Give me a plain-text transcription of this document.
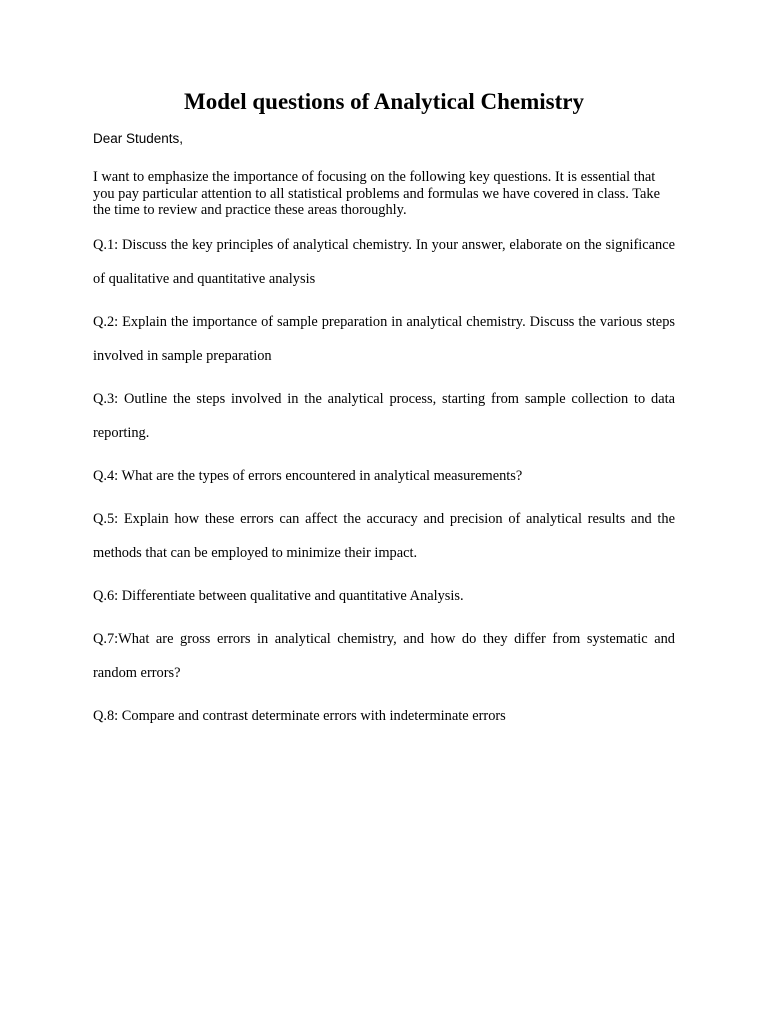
Model questions of Analytical Chemistry

Dear Students,

I want to emphasize the importance of focusing on the following key questions. It is essential that you pay particular attention to all statistical problems and formulas we have covered in class. Take the time to review and practice these areas thoroughly.

Q.1: Discuss the key principles of analytical chemistry. In your answer, elaborate on the significance of qualitative and quantitative analysis

Q.2: Explain the importance of sample preparation in analytical chemistry. Discuss the various steps involved in sample preparation

Q.3: Outline the steps involved in the analytical process, starting from sample collection to data reporting.

Q.4: What are the types of errors encountered in analytical measurements?

Q.5: Explain how these errors can affect the accuracy and precision of analytical results and the methods that can be employed to minimize their impact.

Q.6: Differentiate between qualitative and quantitative Analysis.

Q.7:What are gross errors in analytical chemistry, and how do they differ from systematic and random errors?

Q.8: Compare and contrast determinate errors with indeterminate errors
